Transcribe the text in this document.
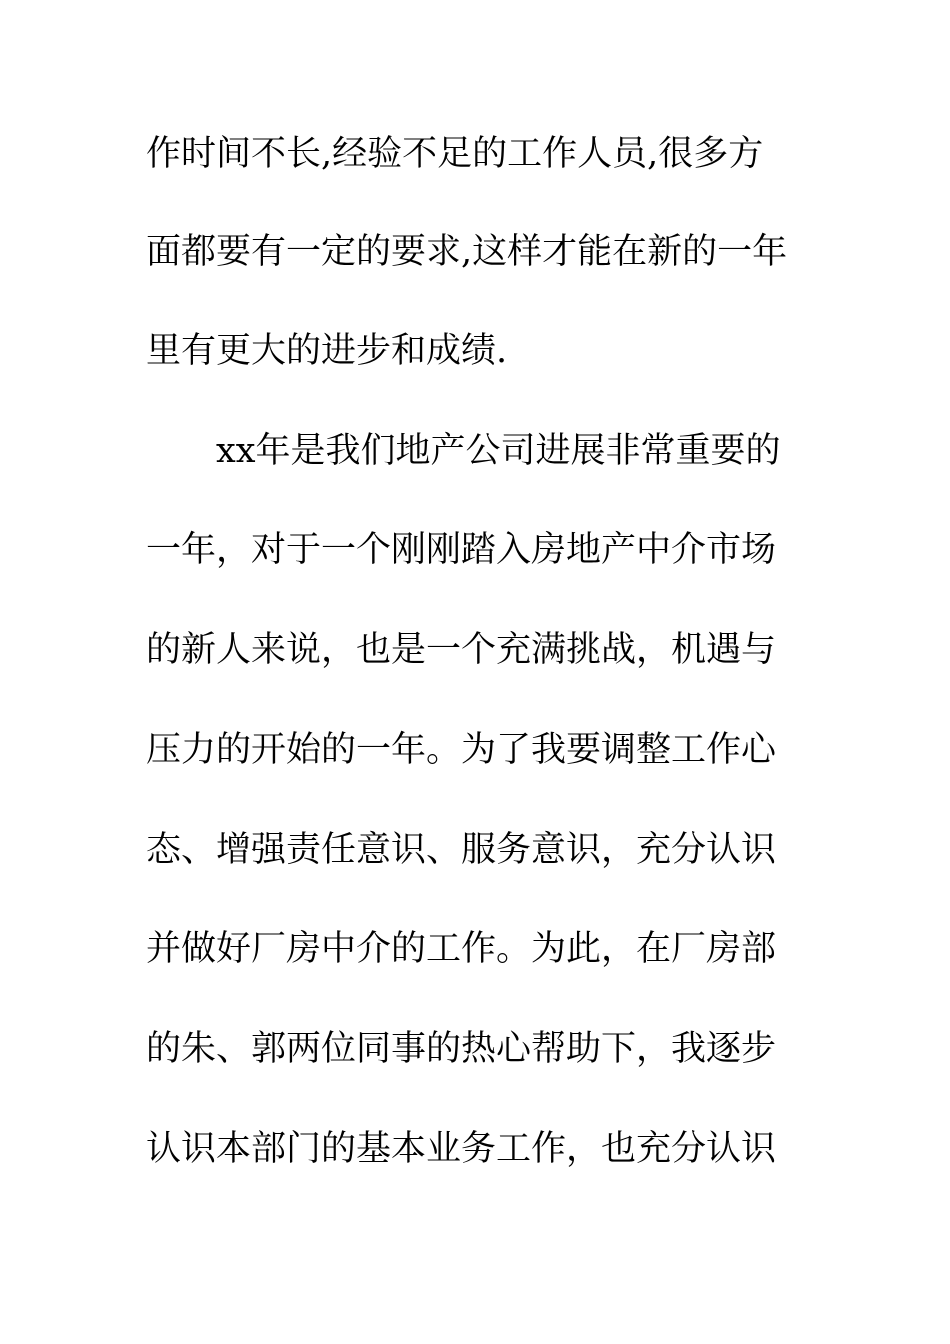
作时间不长,经验不足的工作人员,很多方
面都要有一定的要求,这样才能在新的一年
里有更大的进步和成绩.
xx年是我们地产公司进展非常重要的
一年，对于一个刚刚踏入房地产中介市场
的新人来说，也是一个充满挑战，机遇与
压力的开始的一年。为了我要调整工作心
态、增强责任意识、服务意识，充分认识
并做好厂房中介的工作。为此，在厂房部
的朱、郭两位同事的热心帮助下，我逐步
认识本部门的基本业务工作，也充分认识
